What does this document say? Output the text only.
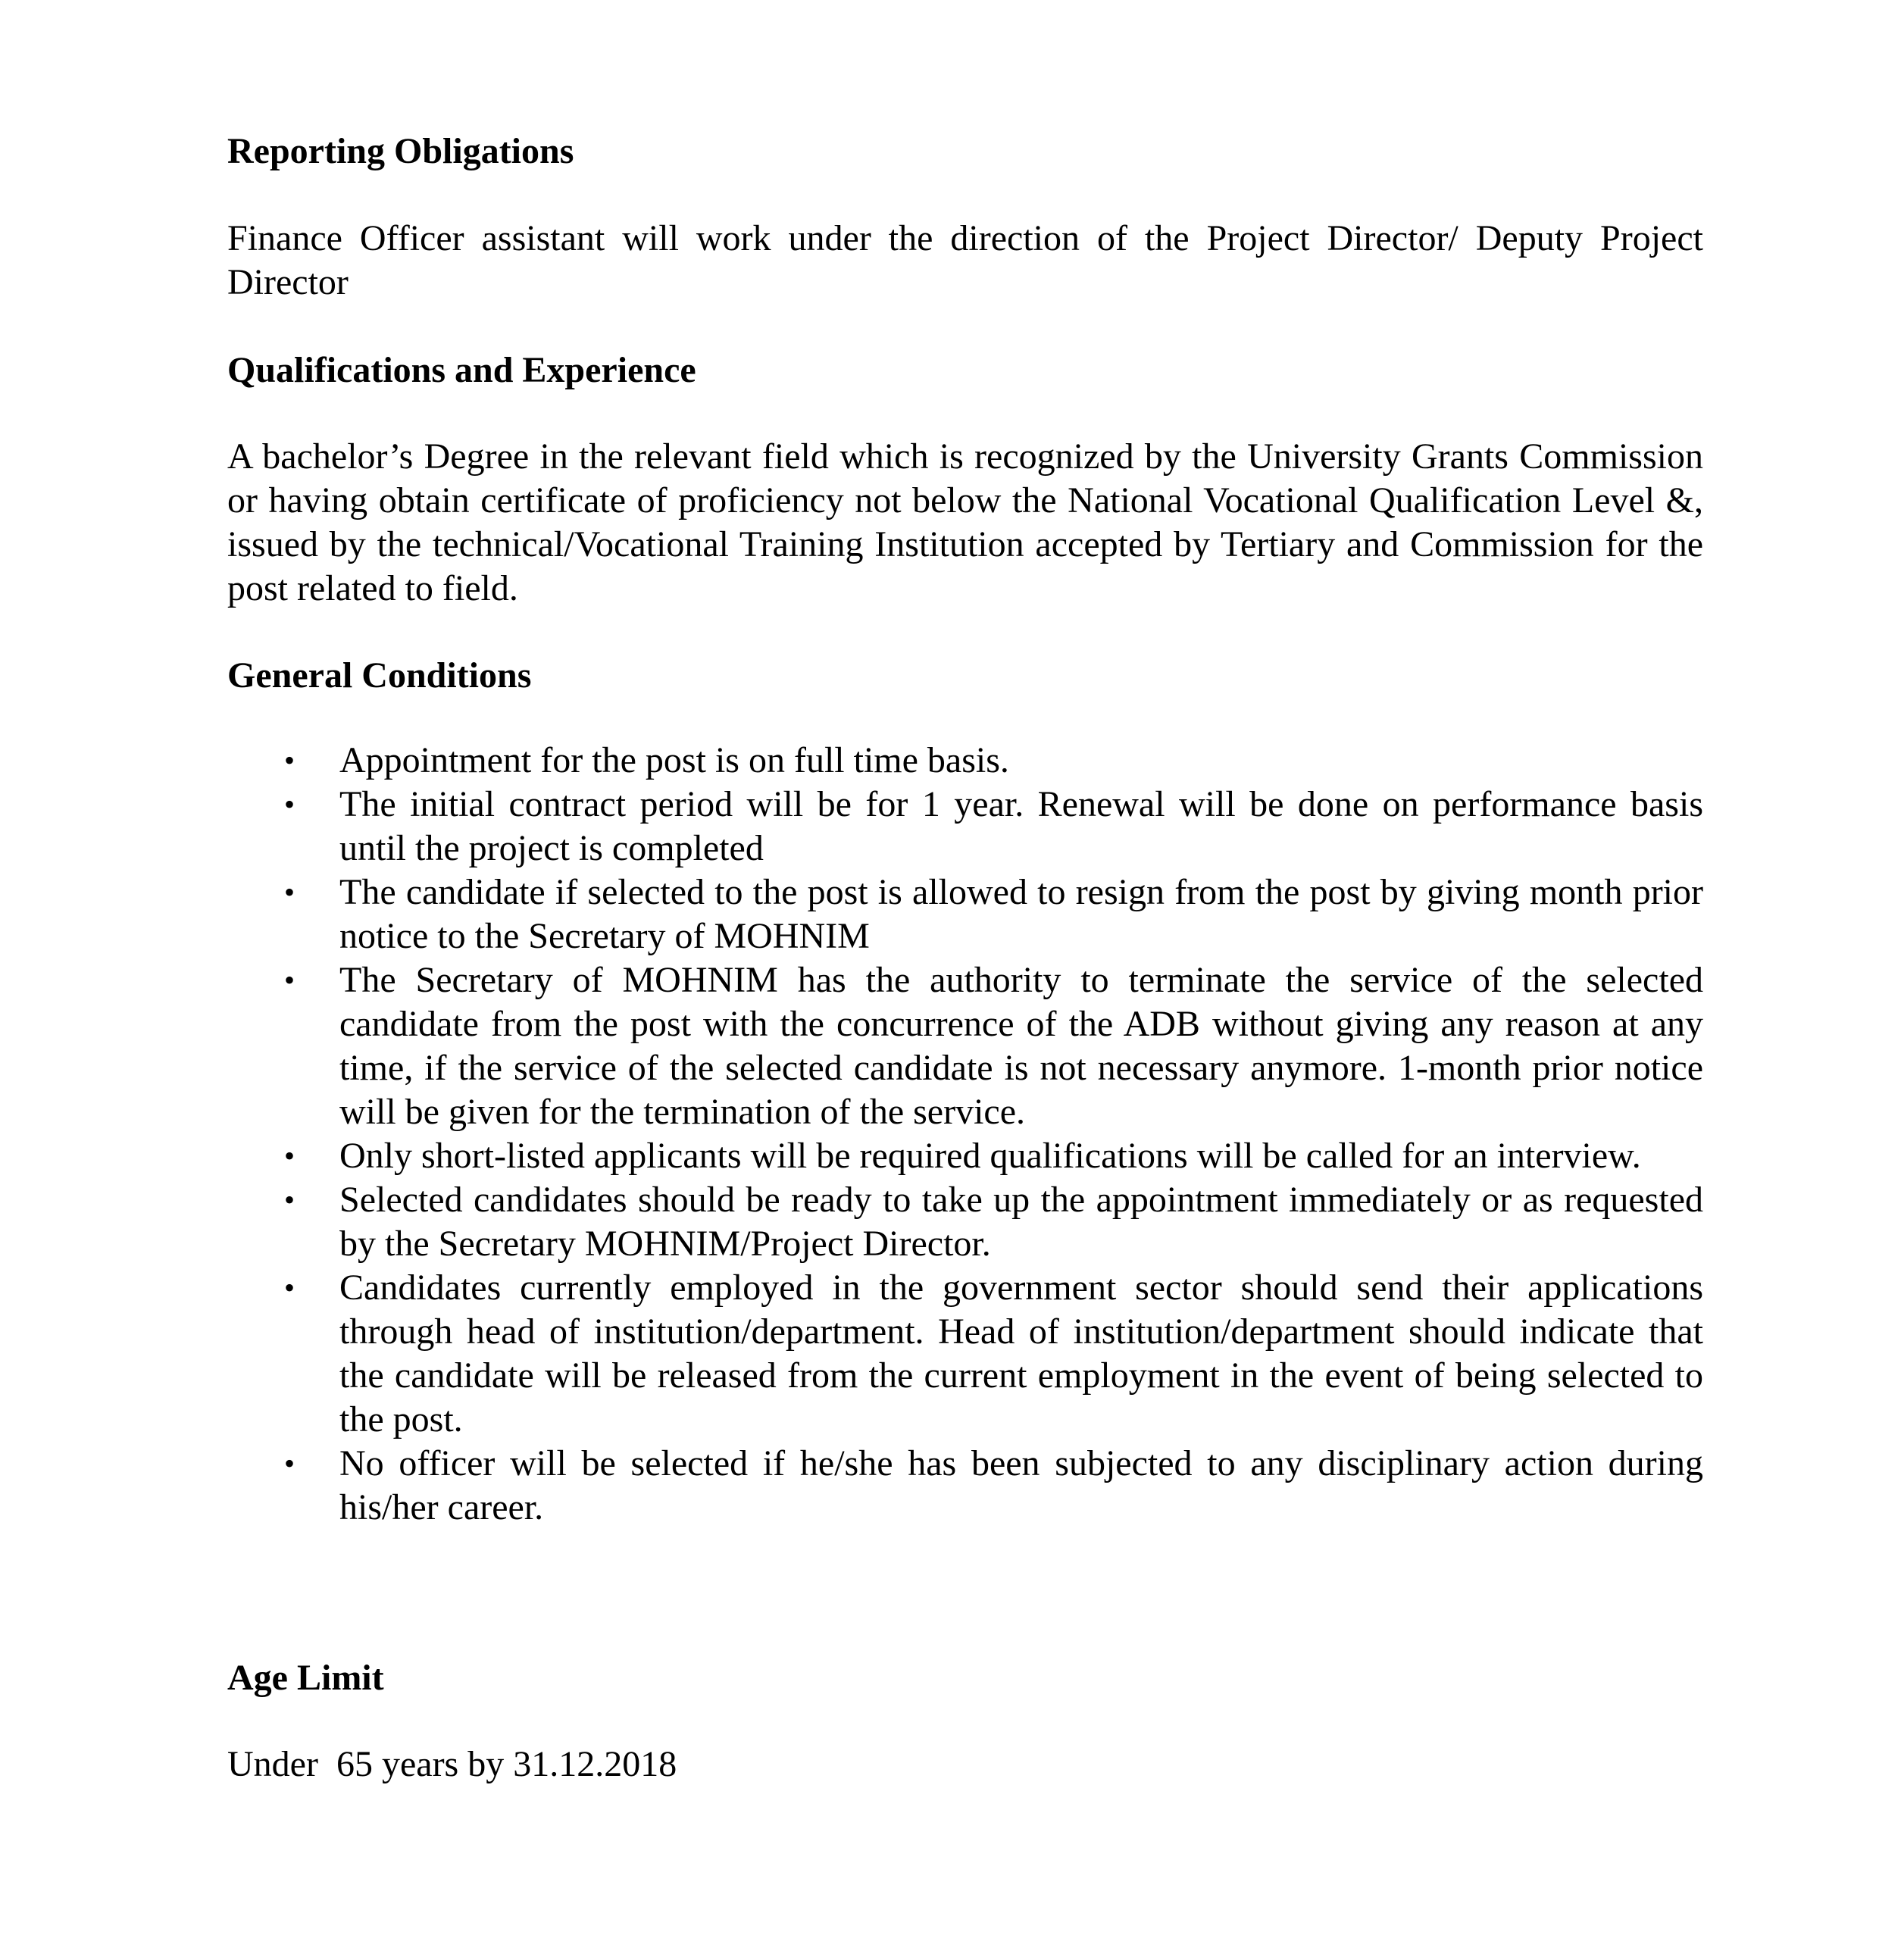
Reporting Obligations
Finance Officer assistant will work under the direction of the Project Director/ Deputy Project Director
Qualifications and Experience
A bachelor’s Degree in the relevant field which is recognized by the University Grants Commission or having obtain certificate of proficiency not below the National Vocational Qualification Level &, issued by the technical/Vocational Training Institution accepted by Tertiary and Commission for the post related to field.
General Conditions
• Appointment for the post is on full time basis.
• The initial contract period will be for 1 year. Renewal will be done on performance basis until the project is completed
• The candidate if selected to the post is allowed to resign from the post by giving month prior notice to the Secretary of MOHNIM
• The Secretary of MOHNIM has the authority to terminate the service of the selected candidate from the post with the concurrence of the ADB without giving any reason at any time, if the service of the selected candidate is not necessary anymore. 1-month prior notice will be given for the termination of the service.
• Only short-listed applicants will be required qualifications will be called for an interview.
• Selected candidates should be ready to take up the appointment immediately or as requested by the Secretary MOHNIM/Project Director.
• Candidates currently employed in the government sector should send their applications through head of institution/department. Head of institution/department should indicate that the candidate will be released from the current employment in the event of being selected to the post.
• No officer will be selected if he/she has been subjected to any disciplinary action during his/her career.
Age Limit
Under  65 years by 31.12.2018
